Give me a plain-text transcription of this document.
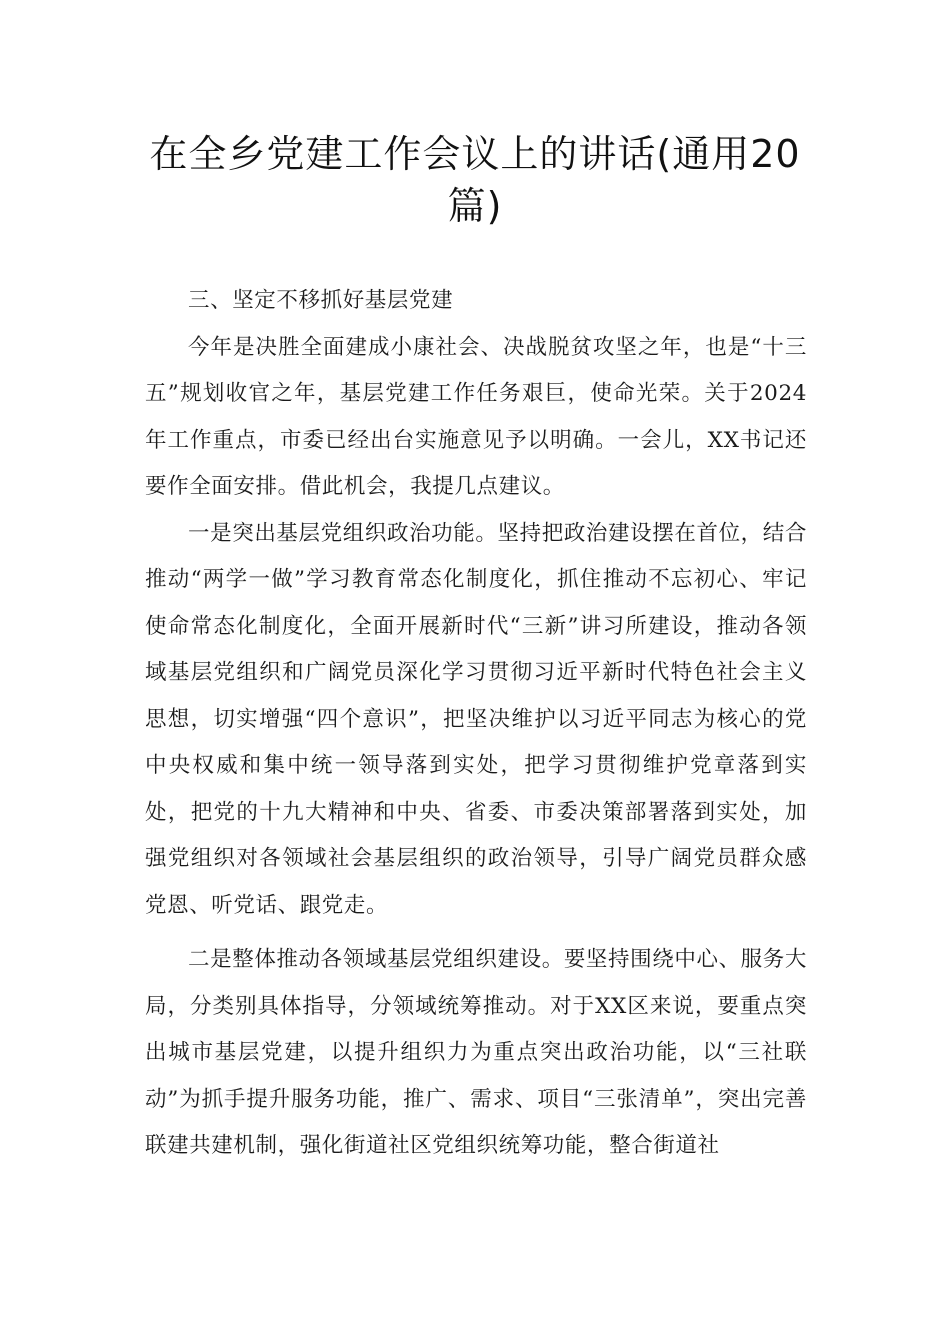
在全乡党建工作会议上的讲话(通用20篇)

三、坚定不移抓好基层党建

今年是决胜全面建成小康社会、决战脱贫攻坚之年，也是“十三五”规划收官之年，基层党建工作任务艰巨，使命光荣。关于2024年工作重点，市委已经出台实施意见予以明确。一会儿，XX书记还要作全面安排。借此机会，我提几点建议。

一是突出基层党组织政治功能。坚持把政治建设摆在首位，结合推动“两学一做”学习教育常态化制度化，抓住推动不忘初心、牢记使命常态化制度化，全面开展新时代“三新”讲习所建设，推动各领域基层党组织和广阔党员深化学习贯彻习近平新时代特色社会主义思想，切实增强“四个意识”，把坚决维护以习近平同志为核心的党中央权威和集中统一领导落到实处，把学习贯彻维护党章落到实处，把党的十九大精神和中央、省委、市委决策部署落到实处，加强党组织对各领域社会基层组织的政治领导，引导广阔党员群众感党恩、听党话、跟党走。

二是整体推动各领域基层党组织建设。要坚持围绕中心、服务大局，分类别具体指导，分领域统筹推动。对于XX区来说，要重点突出城市基层党建，以提升组织力为重点突出政治功能，以“三社联动”为抓手提升服务功能，推广、需求、项目“三张清单”，突出完善联建共建机制，强化街道社区党组织统筹功能，整合街道社
